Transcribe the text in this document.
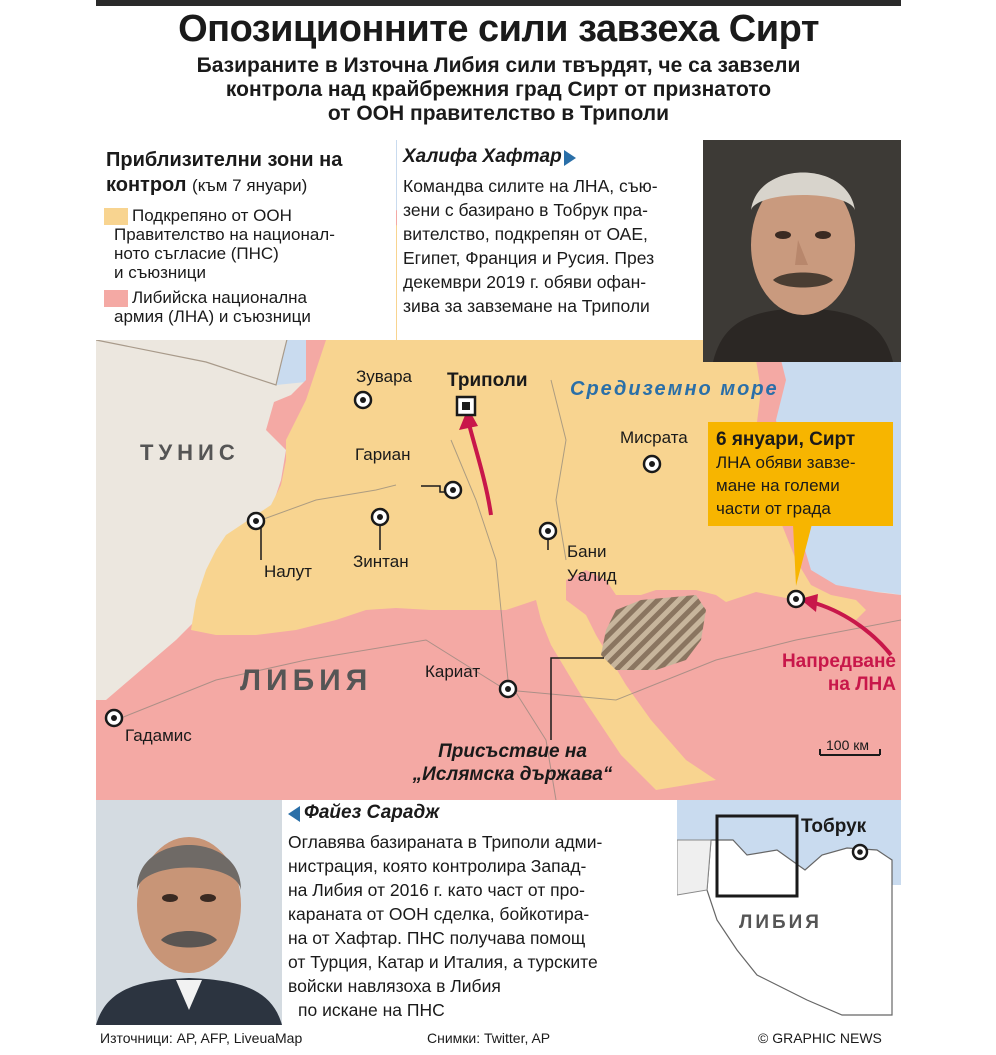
Опозиционните сили завзеха Сирт
Базираните в Източна Либия сили твърдят, че са завзели
контрола над крайбрежния град Сирт от признатото
от ООН правителство в Триполи
Средиземно море
ТУНИС
ЛИБИЯ
Зувара Триполи
Мисрата
Гариан
Налут
Зинтан
Бани
Уалид
Кариат
Гадамис
6 януари, Сирт
ЛНА обяви завзе-
мане на големи
части от града
Напредване
на ЛНА
Присъствие на
„Ислямска държава“
100 км
Приблизителни зони на контрол (към 7 януари)
Подкрепяно от ООН
Правителство на национал-
ното съгласие (ПНС)
и съюзници
Либийска национална
армия (ЛНА) и съюзници
Халифа Хафтар
Командва силите на ЛНА, съю-
зени с базирано в Тобрук пра-
вителство, подкрепян от ОАЕ,
Египет, Франция и Русия. През
декември 2019 г. обяви офан-
зива за завземане на Триполи
Файез Сарадж
Оглавява базираната в Триполи адми-
нистрация, която контролира Запад-
на Либия от 2016 г. като част от про-
караната от ООН сделка, бойкотира-
на от Хафтар. ПНС получава помощ
от Турция, Катар и Италия, а турските
войски навлязоха в Либия
по искане на ПНС
Тобрук
ЛИБИЯ
Източници: AP, AFP, LiveuaMap	Снимки: Twitter, AP	© GRAPHIC NEWS
